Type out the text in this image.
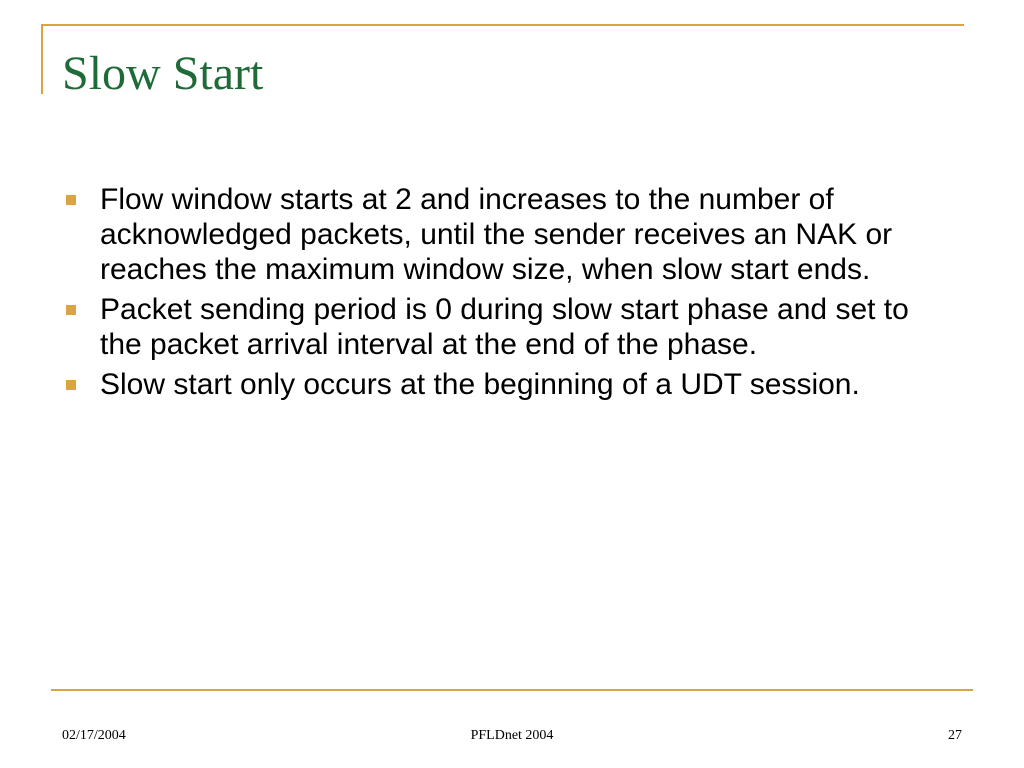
Slow Start
Flow window starts at 2 and increases to the number of acknowledged packets, until the sender receives an NAK or reaches the maximum window size, when slow start ends.
Packet sending period is 0 during slow start phase and set to the packet arrival interval at the end of the phase.
Slow start only occurs at the beginning of a UDT session.
02/17/2004	PFLDnet 2004	27
